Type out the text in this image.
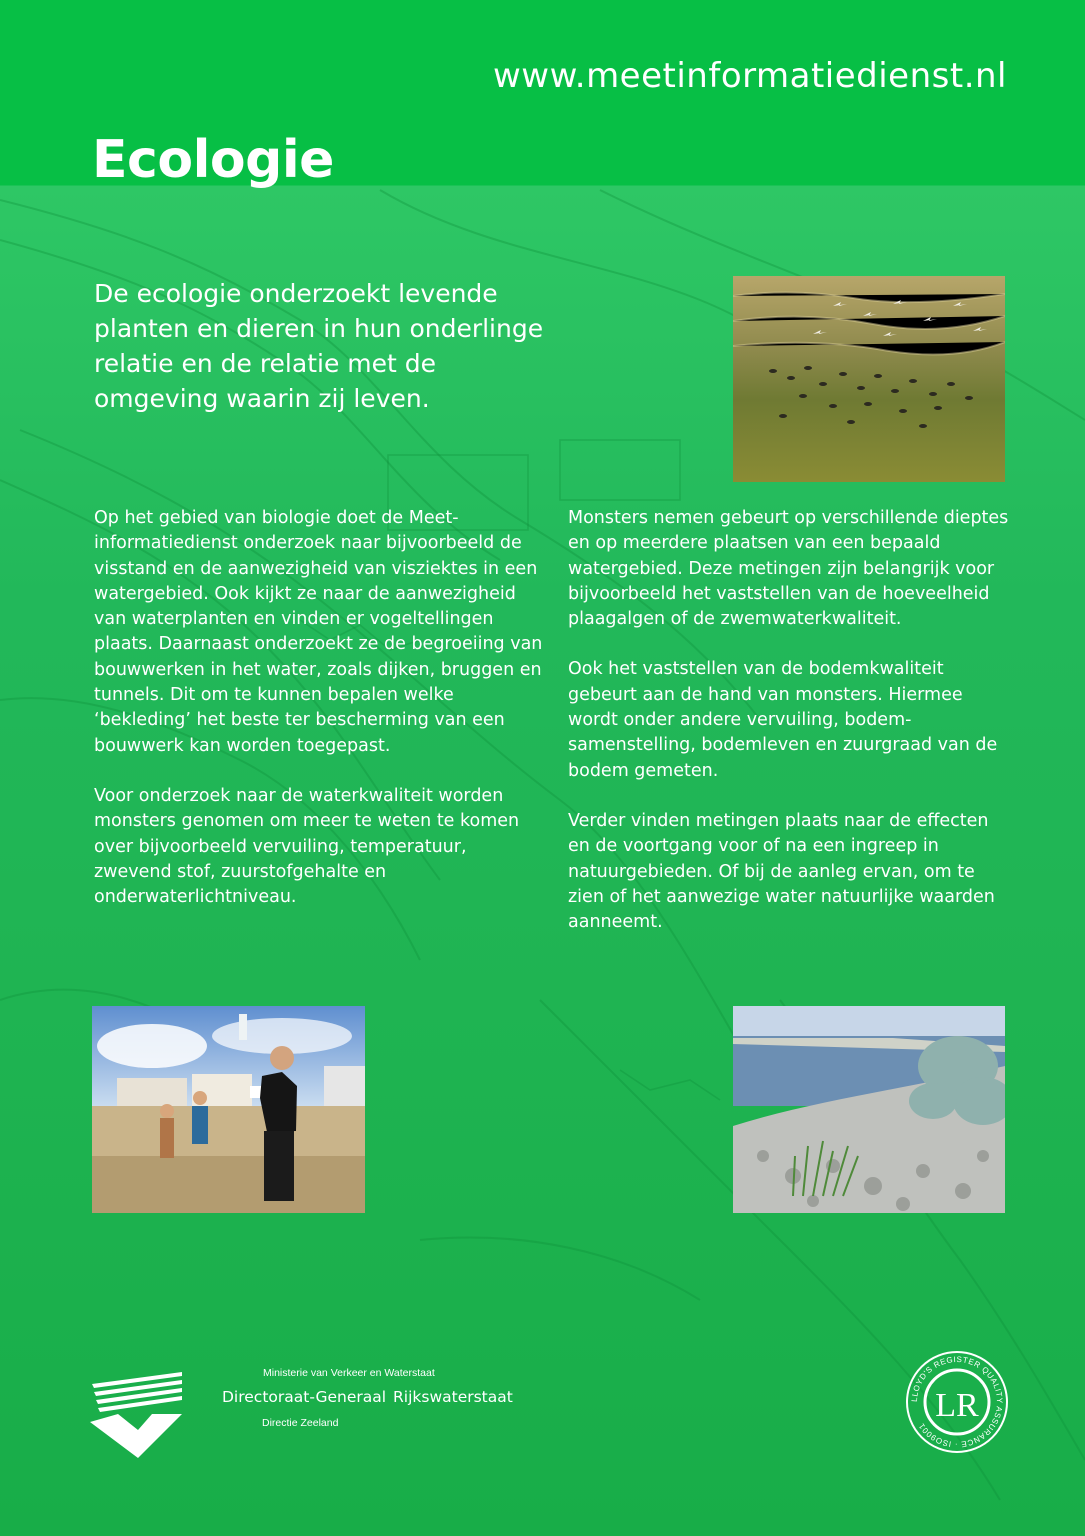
www.meetinformatiedienst.nl
Ecologie
De ecologie onderzoekt levende planten en dieren in hun onderlinge relatie en de relatie met de omgeving waarin zij leven.

Op het gebied van biologie doet de Meet-informatiedienst onderzoek naar bijvoorbeeld de visstand en de aanwezigheid van visziektes in een watergebied. Ook kijkt ze naar de aanwezigheid van waterplanten en vinden er vogeltellingen plaats. Daarnaast onderzoekt ze de begroeiing van bouwwerken in het water, zoals dijken, bruggen en tunnels. Dit om te kunnen bepalen welke ‘bekleding’ het beste ter bescherming van een bouwwerk kan worden toegepast.

Voor onderzoek naar de waterkwaliteit worden monsters genomen om meer te weten te komen over bijvoorbeeld vervuiling, temperatuur, zwevend stof, zuurstofgehalte en onderwaterlichtniveau.

Monsters nemen gebeurt op verschillende dieptes en op meerdere plaatsen van een bepaald watergebied. Deze metingen zijn belangrijk voor bijvoorbeeld het vaststellen van de hoeveelheid plaagalgen of de zwemwaterkwaliteit.

Ook het vaststellen van de bodemkwaliteit gebeurt aan de hand van monsters. Hiermee wordt onder andere vervuiling, bodem-samenstelling, bodemleven en zuurgraad van de bodem gemeten.

Verder vinden metingen plaats naar de effecten en de voortgang voor of na een ingreep in natuurgebieden. Of bij de aanleg ervan, om te zien of het aanwezige water natuurlijke waarden aanneemt.

Ministerie van Verkeer en Waterstaat
Directoraat-Generaal Rijkswaterstaat
Directie Zeeland
LLOYD'S REGISTER QUALITY ASSURANCE · ISO9001
LR
